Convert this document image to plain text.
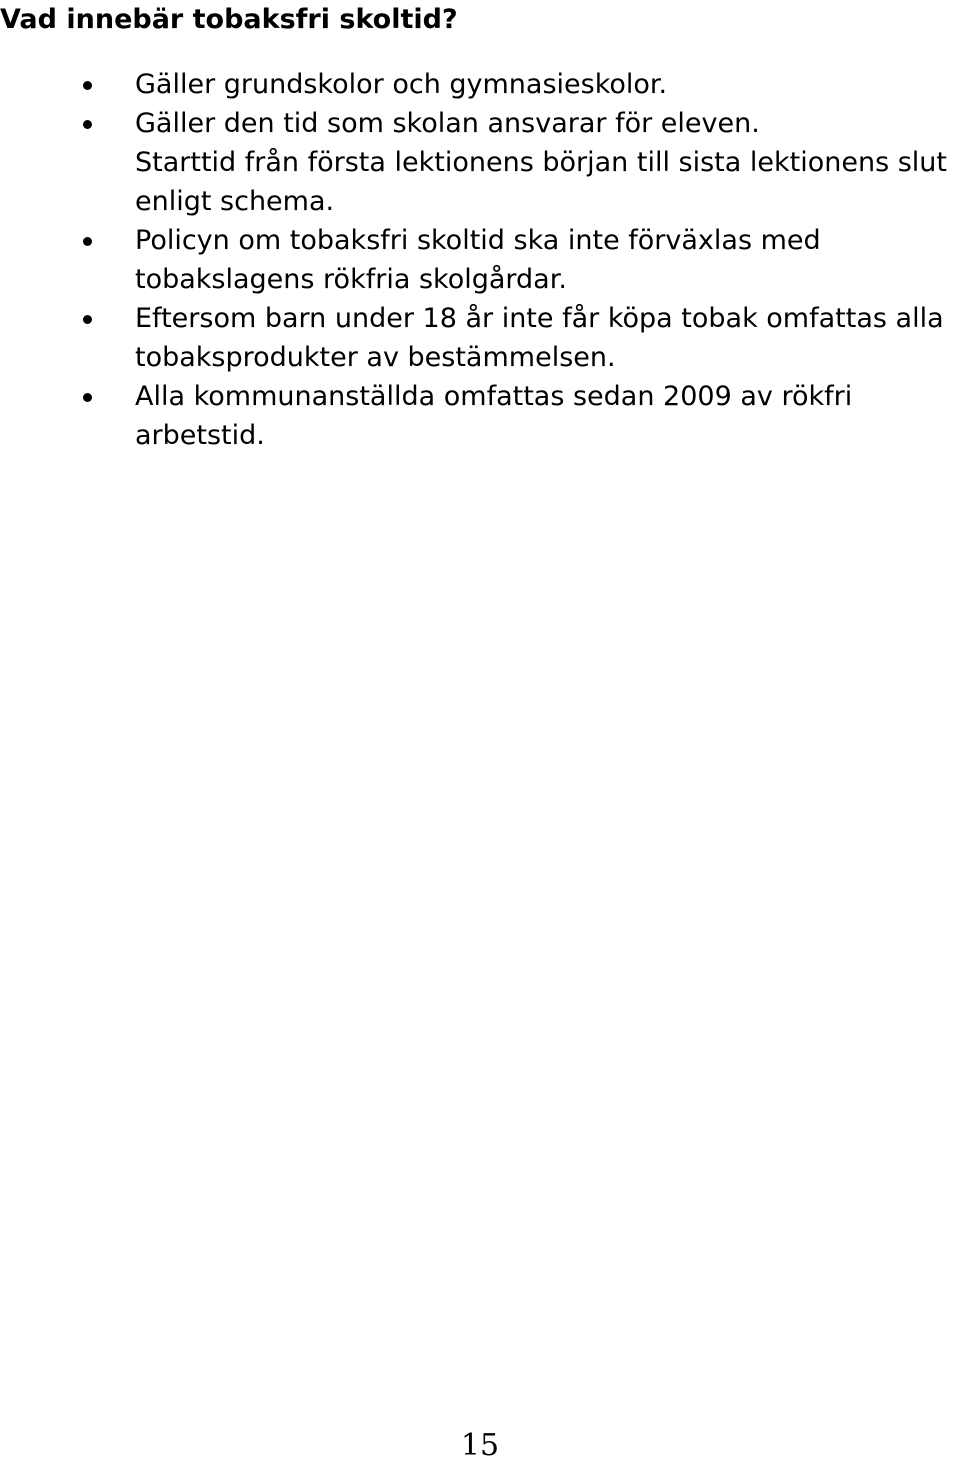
Vad innebär tobaksfri skoltid?
Gäller grundskolor och gymnasieskolor.
Gäller den tid som skolan ansvarar för eleven.
Starttid från första lektionens början till sista lektionens slut enligt schema.
Policyn om tobaksfri skoltid ska inte förväxlas med tobakslagens rökfria skolgårdar.
Eftersom barn under 18 år inte får köpa tobak omfattas alla tobaksprodukter av bestämmelsen.
Alla kommunanställda omfattas sedan 2009 av rökfri arbetstid.
15
